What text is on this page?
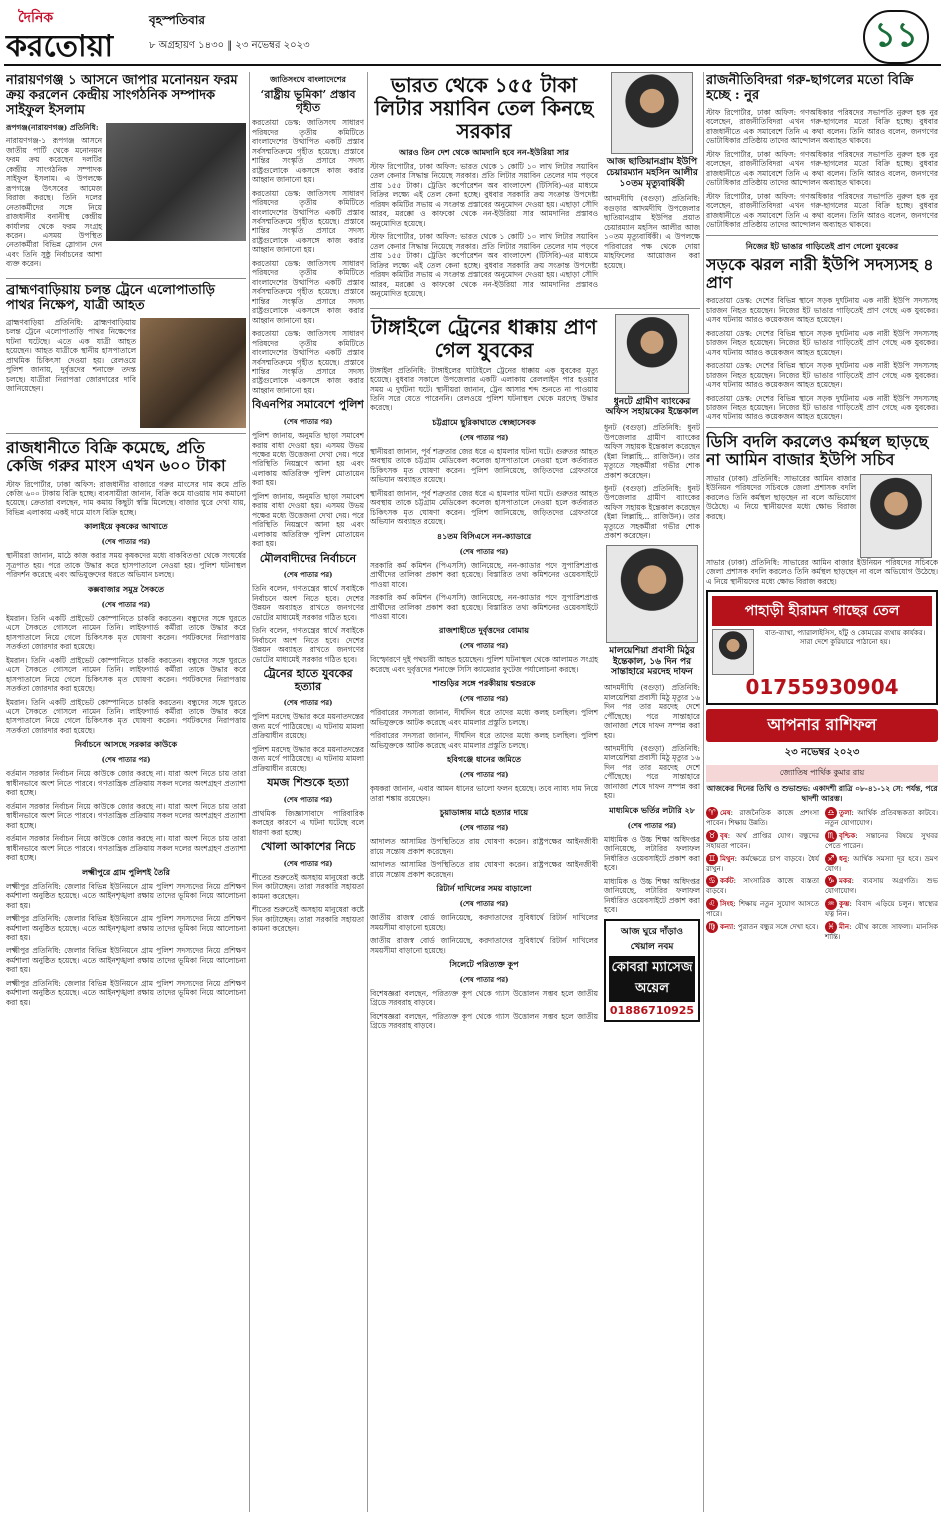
দৈনিক
করতোয়া
বৃহস্পতিবার
৮ অগ্রহায়ণ ১৪৩০ ‖ ২৩ নভেম্বর ২০২৩	১১
নারায়ণগঞ্জ ১ আসনে জাপার মনোনয়ন ফরম ক্রয় করলেন কেন্দ্রীয় সাংগঠনিক সম্পাদক সাইফুল ইসলাম
রূপগঞ্জ(নারায়ণগঞ্জ) প্রতিনিধি:
নারায়ণগঞ্জ-১ রূপগঞ্জ আসনে জাতীয় পার্টি থেকে মনোনয়ন ফরম ক্রয় করেছেন দলটির কেন্দ্রীয় সাংগঠনিক সম্পাদক সাইফুল ইসলাম। এ উপলক্ষে রূপগঞ্জে উৎসবের আমেজ বিরাজ করছে। তিনি দলের নেতাকর্মীদের সঙ্গে নিয়ে রাজধানীর বনানীস্থ কেন্দ্রীয় কার্যালয় থেকে ফরম সংগ্রহ করেন। এসময় উপস্থিত নেতাকর্মীরা বিভিন্ন স্লোগান দেন এবং তিনি সুষ্ঠু নির্বাচনের আশা ব্যক্ত করেন।
ব্রাহ্মণবাড়িয়ায় চলন্ত ট্রেনে এলোপাতাড়ি পাথর নিক্ষেপ, যাত্রী আহত
ব্রাহ্মণবাড়িয়া প্রতিনিধি: ব্রাহ্মণবাড়িয়ায় চলন্ত ট্রেনে এলোপাতাড়ি পাথর নিক্ষেপের ঘটনা ঘটেছে। এতে এক যাত্রী আহত হয়েছেন। আহত যাত্রীকে স্থানীয় হাসপাতালে প্রাথমিক চিকিৎসা দেওয়া হয়। রেলওয়ে পুলিশ জানায়, দুর্বৃত্তদের শনাক্তে তদন্ত চলছে। যাত্রীরা নিরাপত্তা জোরদারের দাবি জানিয়েছেন।
রাজধানীতে বিক্রি কমেছে, প্রতি কেজি গরুর মাংস এখন ৬০০ টাকা
স্টাফ রিপোর্টার, ঢাকা অফিস: রাজধানীর বাজারে গরুর মাংসের দাম কমে প্রতি কেজি ৬০০ টাকায় বিক্রি হচ্ছে। ব্যবসায়ীরা জানান, বিক্রি কমে যাওয়ায় দাম কমানো হয়েছে। ক্রেতারা বলছেন, দাম কমায় কিছুটা স্বস্তি মিলেছে। বাজার ঘুরে দেখা যায়, বিভিন্ন এলাকায় একই দামে মাংস বিক্রি হচ্ছে।
কালাইয়ে কৃষকের আখাতে
(শেষ পাতার পর)
স্থানীয়রা জানান, মাঠে কাজ করার সময় কৃষকদের মধ্যে বাকবিতণ্ডা থেকে সংঘর্ষের সূত্রপাত হয়। পরে তাকে উদ্ধার করে হাসপাতালে নেওয়া হয়। পুলিশ ঘটনাস্থল পরিদর্শন করেছে এবং অভিযুক্তদের ধরতে অভিযান চলছে।
কক্সবাজার সমুদ্র সৈকতে
(শেষ পাতার পর)
ইমরান। তিনি একটি প্রাইভেট কোম্পানিতে চাকরি করতেন। বন্ধুদের সঙ্গে ঘুরতে এসে সৈকতে গোসলে নামেন তিনি। লাইফগার্ড কর্মীরা তাকে উদ্ধার করে হাসপাতালে নিয়ে গেলে চিকিৎসক মৃত ঘোষণা করেন। পর্যটকদের নিরাপত্তায় সতর্কতা জোরদার করা হয়েছে।
ইমরান। তিনি একটি প্রাইভেট কোম্পানিতে চাকরি করতেন। বন্ধুদের সঙ্গে ঘুরতে এসে সৈকতে গোসলে নামেন তিনি। লাইফগার্ড কর্মীরা তাকে উদ্ধার করে হাসপাতালে নিয়ে গেলে চিকিৎসক মৃত ঘোষণা করেন। পর্যটকদের নিরাপত্তায় সতর্কতা জোরদার করা হয়েছে।
ইমরান। তিনি একটি প্রাইভেট কোম্পানিতে চাকরি করতেন। বন্ধুদের সঙ্গে ঘুরতে এসে সৈকতে গোসলে নামেন তিনি। লাইফগার্ড কর্মীরা তাকে উদ্ধার করে হাসপাতালে নিয়ে গেলে চিকিৎসক মৃত ঘোষণা করেন। পর্যটকদের নিরাপত্তায় সতর্কতা জোরদার করা হয়েছে।
নির্বাচনে আসছে সরকার কাউকে
(শেষ পাতার পর)
বর্তমান সরকার নির্বাচন নিয়ে কাউকে জোর করছে না। যারা অংশ নিতে চায় তারা স্বাধীনভাবে অংশ নিতে পারবে। গণতান্ত্রিক প্রক্রিয়ায় সকল দলের অংশগ্রহণ প্রত্যাশা করা হচ্ছে।
বর্তমান সরকার নির্বাচন নিয়ে কাউকে জোর করছে না। যারা অংশ নিতে চায় তারা স্বাধীনভাবে অংশ নিতে পারবে। গণতান্ত্রিক প্রক্রিয়ায় সকল দলের অংশগ্রহণ প্রত্যাশা করা হচ্ছে।
বর্তমান সরকার নির্বাচন নিয়ে কাউকে জোর করছে না। যারা অংশ নিতে চায় তারা স্বাধীনভাবে অংশ নিতে পারবে। গণতান্ত্রিক প্রক্রিয়ায় সকল দলের অংশগ্রহণ প্রত্যাশা করা হচ্ছে।
লক্ষ্মীপুরে গ্রাম পুলিশই তৈরি
লক্ষ্মীপুর প্রতিনিধি: জেলার বিভিন্ন ইউনিয়নে গ্রাম পুলিশ সদস্যদের নিয়ে প্রশিক্ষণ কর্মশালা অনুষ্ঠিত হয়েছে। এতে আইনশৃঙ্খলা রক্ষায় তাদের ভূমিকা নিয়ে আলোচনা করা হয়।
লক্ষ্মীপুর প্রতিনিধি: জেলার বিভিন্ন ইউনিয়নে গ্রাম পুলিশ সদস্যদের নিয়ে প্রশিক্ষণ কর্মশালা অনুষ্ঠিত হয়েছে। এতে আইনশৃঙ্খলা রক্ষায় তাদের ভূমিকা নিয়ে আলোচনা করা হয়।
লক্ষ্মীপুর প্রতিনিধি: জেলার বিভিন্ন ইউনিয়নে গ্রাম পুলিশ সদস্যদের নিয়ে প্রশিক্ষণ কর্মশালা অনুষ্ঠিত হয়েছে। এতে আইনশৃঙ্খলা রক্ষায় তাদের ভূমিকা নিয়ে আলোচনা করা হয়।
লক্ষ্মীপুর প্রতিনিধি: জেলার বিভিন্ন ইউনিয়নে গ্রাম পুলিশ সদস্যদের নিয়ে প্রশিক্ষণ কর্মশালা অনুষ্ঠিত হয়েছে। এতে আইনশৃঙ্খলা রক্ষায় তাদের ভূমিকা নিয়ে আলোচনা করা হয়।
জাতিসংঘে বাংলাদেশের
‘রাষ্ট্রীয় ভূমিকা’ প্রস্তাব গৃহীত
করতোয়া ডেস্ক: জাতিসংঘ সাধারণ পরিষদের তৃতীয় কমিটিতে বাংলাদেশের উত্থাপিত একটি প্রস্তাব সর্বসম্মতিক্রমে গৃহীত হয়েছে। প্রস্তাবে শান্তির সংস্কৃতি প্রসারে সদস্য রাষ্ট্রগুলোকে একসঙ্গে কাজ করার আহ্বান জানানো হয়।
করতোয়া ডেস্ক: জাতিসংঘ সাধারণ পরিষদের তৃতীয় কমিটিতে বাংলাদেশের উত্থাপিত একটি প্রস্তাব সর্বসম্মতিক্রমে গৃহীত হয়েছে। প্রস্তাবে শান্তির সংস্কৃতি প্রসারে সদস্য রাষ্ট্রগুলোকে একসঙ্গে কাজ করার আহ্বান জানানো হয়।
করতোয়া ডেস্ক: জাতিসংঘ সাধারণ পরিষদের তৃতীয় কমিটিতে বাংলাদেশের উত্থাপিত একটি প্রস্তাব সর্বসম্মতিক্রমে গৃহীত হয়েছে। প্রস্তাবে শান্তির সংস্কৃতি প্রসারে সদস্য রাষ্ট্রগুলোকে একসঙ্গে কাজ করার আহ্বান জানানো হয়।
করতোয়া ডেস্ক: জাতিসংঘ সাধারণ পরিষদের তৃতীয় কমিটিতে বাংলাদেশের উত্থাপিত একটি প্রস্তাব সর্বসম্মতিক্রমে গৃহীত হয়েছে। প্রস্তাবে শান্তির সংস্কৃতি প্রসারে সদস্য রাষ্ট্রগুলোকে একসঙ্গে কাজ করার আহ্বান জানানো হয়।
বিএনপির সমাবেশে পুলিশ
(শেষ পাতার পর)
পুলিশ জানায়, অনুমতি ছাড়া সমাবেশ করায় বাধা দেওয়া হয়। এসময় উভয় পক্ষের মধ্যে উত্তেজনা দেখা দেয়। পরে পরিস্থিতি নিয়ন্ত্রণে আনা হয় এবং এলাকায় অতিরিক্ত পুলিশ মোতায়েন করা হয়।
পুলিশ জানায়, অনুমতি ছাড়া সমাবেশ করায় বাধা দেওয়া হয়। এসময় উভয় পক্ষের মধ্যে উত্তেজনা দেখা দেয়। পরে পরিস্থিতি নিয়ন্ত্রণে আনা হয় এবং এলাকায় অতিরিক্ত পুলিশ মোতায়েন করা হয়।
মৌলবাদীদের নির্বাচনে
(শেষ পাতার পর)
তিনি বলেন, গণতন্ত্রের স্বার্থে সবাইকে নির্বাচনে অংশ নিতে হবে। দেশের উন্নয়ন অব্যাহত রাখতে জনগণের ভোটের মাধ্যমেই সরকার গঠিত হবে।
তিনি বলেন, গণতন্ত্রের স্বার্থে সবাইকে নির্বাচনে অংশ নিতে হবে। দেশের উন্নয়ন অব্যাহত রাখতে জনগণের ভোটের মাধ্যমেই সরকার গঠিত হবে।
ট্রেনের হাতে যুবকের হত্যার
(শেষ পাতার পর)
পুলিশ মরদেহ উদ্ধার করে ময়নাতদন্তের জন্য মর্গে পাঠিয়েছে। এ ঘটনায় মামলা প্রক্রিয়াধীন রয়েছে।
পুলিশ মরদেহ উদ্ধার করে ময়নাতদন্তের জন্য মর্গে পাঠিয়েছে। এ ঘটনায় মামলা প্রক্রিয়াধীন রয়েছে।
যমজ শিশুকে হত্যা
(শেষ পাতার পর)
প্রাথমিক জিজ্ঞাসাবাদে পারিবারিক কলহের কারণে এ ঘটনা ঘটেছে বলে ধারণা করা হচ্ছে।
খোলা আকাশের নিচে
(শেষ পাতার পর)
শীতের শুরুতেই অসহায় মানুষেরা কষ্টে দিন কাটাচ্ছেন। তারা সরকারি সহায়তা কামনা করেছেন।
শীতের শুরুতেই অসহায় মানুষেরা কষ্টে দিন কাটাচ্ছেন। তারা সরকারি সহায়তা কামনা করেছেন।
ভারত থেকে ১৫৫ টাকা লিটার সয়াবিন তেল কিনছে সরকার
আরও তিন দেশ থেকে আমদানি হবে নন-ইউরিয়া সার
স্টাফ রিপোর্টার, ঢাকা অফিস: ভারত থেকে ১ কোটি ১০ লাখ লিটার সয়াবিন তেল কেনার সিদ্ধান্ত নিয়েছে সরকার। প্রতি লিটার সয়াবিন তেলের দাম পড়বে প্রায় ১৫৫ টাকা। ট্রেডিং কর্পোরেশন অব বাংলাদেশ (টিসিবি)-এর মাধ্যমে বিক্রির লক্ষ্যে এই তেল কেনা হচ্ছে। বুধবার সরকারি ক্রয় সংক্রান্ত উপদেষ্টা পরিষদ কমিটির সভায় এ সংক্রান্ত প্রস্তাবের অনুমোদন দেওয়া হয়। এছাড়া সৌদি আরব, মরক্কো ও কাফকো থেকে নন-ইউরিয়া সার আমদানির প্রস্তাবও অনুমোদিত হয়েছে।
স্টাফ রিপোর্টার, ঢাকা অফিস: ভারত থেকে ১ কোটি ১০ লাখ লিটার সয়াবিন তেল কেনার সিদ্ধান্ত নিয়েছে সরকার। প্রতি লিটার সয়াবিন তেলের দাম পড়বে প্রায় ১৫৫ টাকা। ট্রেডিং কর্পোরেশন অব বাংলাদেশ (টিসিবি)-এর মাধ্যমে বিক্রির লক্ষ্যে এই তেল কেনা হচ্ছে। বুধবার সরকারি ক্রয় সংক্রান্ত উপদেষ্টা পরিষদ কমিটির সভায় এ সংক্রান্ত প্রস্তাবের অনুমোদন দেওয়া হয়। এছাড়া সৌদি আরব, মরক্কো ও কাফকো থেকে নন-ইউরিয়া সার আমদানির প্রস্তাবও অনুমোদিত হয়েছে।
আজ ছাতিয়ানগ্রাম ইউপি চেয়ারম্যান মহসিন আলীর ১০তম মৃত্যুবার্ষিকী
আদমদীঘি (বগুড়া) প্রতিনিধি: বগুড়ার আদমদীঘি উপজেলার ছাতিয়ানগ্রাম ইউপির প্রয়াত চেয়ারম্যান মহসিন আলীর আজ ১০তম মৃত্যুবার্ষিকী। এ উপলক্ষে পরিবারের পক্ষ থেকে দোয়া মাহফিলের আয়োজন করা হয়েছে।
টাঙ্গাইলে ট্রেনের ধাক্কায় প্রাণ গেল যুবকের
টাঙ্গাইল প্রতিনিধি: টাঙ্গাইলের ঘাটাইলে ট্রেনের ধাক্কায় এক যুবকের মৃত্যু হয়েছে। বুধবার সকালে উপজেলার একটি এলাকায় রেললাইন পার হওয়ার সময় এ দুর্ঘটনা ঘটে। স্থানীয়রা জানান, ট্রেন আসার শব্দ শুনতে না পাওয়ায় তিনি সরে যেতে পারেননি। রেলওয়ে পুলিশ ঘটনাস্থল থেকে মরদেহ উদ্ধার করেছে।
চট্টগ্রামে ছুরিকাঘাতে স্বেচ্ছাসেবক
(শেষ পাতার পর)
স্থানীয়রা জানান, পূর্ব শত্রুতার জের ধরে এ হামলার ঘটনা ঘটে। গুরুতর আহত অবস্থায় তাকে চট্টগ্রাম মেডিকেল কলেজ হাসপাতালে নেওয়া হলে কর্তব্যরত চিকিৎসক মৃত ঘোষণা করেন। পুলিশ জানিয়েছে, জড়িতদের গ্রেফতারে অভিযান অব্যাহত রয়েছে।
স্থানীয়রা জানান, পূর্ব শত্রুতার জের ধরে এ হামলার ঘটনা ঘটে। গুরুতর আহত অবস্থায় তাকে চট্টগ্রাম মেডিকেল কলেজ হাসপাতালে নেওয়া হলে কর্তব্যরত চিকিৎসক মৃত ঘোষণা করেন। পুলিশ জানিয়েছে, জড়িতদের গ্রেফতারে অভিযান অব্যাহত রয়েছে।
৪১তম বিসিএসে নন-ক্যাডারে
(শেষ পাতার পর)
সরকারি কর্ম কমিশন (পিএসসি) জানিয়েছে, নন-ক্যাডার পদে সুপারিশপ্রাপ্ত প্রার্থীদের তালিকা প্রকাশ করা হয়েছে। বিস্তারিত তথ্য কমিশনের ওয়েবসাইটে পাওয়া যাবে।
সরকারি কর্ম কমিশন (পিএসসি) জানিয়েছে, নন-ক্যাডার পদে সুপারিশপ্রাপ্ত প্রার্থীদের তালিকা প্রকাশ করা হয়েছে। বিস্তারিত তথ্য কমিশনের ওয়েবসাইটে পাওয়া যাবে।
রাজশাহীতে দুর্বৃত্তদের বোমায়
(শেষ পাতার পর)
বিস্ফোরণে দুই পথচারী আহত হয়েছেন। পুলিশ ঘটনাস্থল থেকে আলামত সংগ্রহ করেছে এবং দুর্বৃত্তদের শনাক্তে সিসি ক্যামেরার ফুটেজ পর্যালোচনা করছে।
শাশুড়ির সঙ্গে পরকীয়ায় শ্বশুরকে
(শেষ পাতার পর)
পরিবারের সদস্যরা জানান, দীর্ঘদিন ধরে তাদের মধ্যে কলহ চলছিল। পুলিশ অভিযুক্তকে আটক করেছে এবং মামলার প্রস্তুতি চলছে।
পরিবারের সদস্যরা জানান, দীর্ঘদিন ধরে তাদের মধ্যে কলহ চলছিল। পুলিশ অভিযুক্তকে আটক করেছে এবং মামলার প্রস্তুতি চলছে।
হবিগঞ্জে ধানের জমিতে
(শেষ পাতার পর)
কৃষকরা জানান, এবার আমন ধানের ভালো ফলন হয়েছে। তবে ন্যায্য দাম নিয়ে তারা শঙ্কায় রয়েছেন।
চুয়াডাঙ্গায় মাঠে হত্যার দায়ে
(শেষ পাতার পর)
আদালত আসামির উপস্থিতিতে রায় ঘোষণা করেন। রাষ্ট্রপক্ষের আইনজীবী রায়ে সন্তোষ প্রকাশ করেছেন।
আদালত আসামির উপস্থিতিতে রায় ঘোষণা করেন। রাষ্ট্রপক্ষের আইনজীবী রায়ে সন্তোষ প্রকাশ করেছেন।
রিটার্ন দাখিলের সময় বাড়ালো
(শেষ পাতার পর)
জাতীয় রাজস্ব বোর্ড জানিয়েছে, করদাতাদের সুবিধার্থে রিটার্ন দাখিলের সময়সীমা বাড়ানো হয়েছে।
জাতীয় রাজস্ব বোর্ড জানিয়েছে, করদাতাদের সুবিধার্থে রিটার্ন দাখিলের সময়সীমা বাড়ানো হয়েছে।
সিলেটে পরিত্যক্ত কূপ
(শেষ পাতার পর)
বিশেষজ্ঞরা বলছেন, পরিত্যক্ত কূপ থেকে গ্যাস উত্তোলন সম্ভব হলে জাতীয় গ্রিডে সরবরাহ বাড়বে।
বিশেষজ্ঞরা বলছেন, পরিত্যক্ত কূপ থেকে গ্যাস উত্তোলন সম্ভব হলে জাতীয় গ্রিডে সরবরাহ বাড়বে।
ধুনটে গ্রামীণ ব্যাংকের অফিস সহায়কের ইন্তেকাল
ধুনট (বগুড়া) প্রতিনিধি: ধুনট উপজেলার গ্রামীণ ব্যাংকের অফিস সহায়ক ইন্তেকাল করেছেন (ইন্না লিল্লাহি... রাজিউন)। তার মৃত্যুতে সহকর্মীরা গভীর শোক প্রকাশ করেছেন।
ধুনট (বগুড়া) প্রতিনিধি: ধুনট উপজেলার গ্রামীণ ব্যাংকের অফিস সহায়ক ইন্তেকাল করেছেন (ইন্না লিল্লাহি... রাজিউন)। তার মৃত্যুতে সহকর্মীরা গভীর শোক প্রকাশ করেছেন।
মালয়েশিয়া প্রবাসী মিঠুর ইন্তেকাল, ১৬ দিন পর সান্তাহারে মরদেহ দাফন
আদমদীঘি (বগুড়া) প্রতিনিধি: মালয়েশিয়া প্রবাসী মিঠু মৃত্যুর ১৬ দিন পর তার মরদেহ দেশে পৌঁছেছে। পরে সান্তাহারে জানাজা শেষে দাফন সম্পন্ন করা হয়।
আদমদীঘি (বগুড়া) প্রতিনিধি: মালয়েশিয়া প্রবাসী মিঠু মৃত্যুর ১৬ দিন পর তার মরদেহ দেশে পৌঁছেছে। পরে সান্তাহারে জানাজা শেষে দাফন সম্পন্ন করা হয়।
মাধ্যমিকে ভর্তির লটারি ২৮
(শেষ পাতার পর)
মাধ্যমিক ও উচ্চ শিক্ষা অধিদপ্তর জানিয়েছে, লটারির ফলাফল নির্ধারিত ওয়েবসাইটে প্রকাশ করা হবে।
মাধ্যমিক ও উচ্চ শিক্ষা অধিদপ্তর জানিয়েছে, লটারির ফলাফল নির্ধারিত ওয়েবসাইটে প্রকাশ করা হবে।
আজ ঘুরে দাঁড়াও খেয়াল নবম
কোবরা ম্যাসেজ অয়েল
01886710925
রাজনীতিবিদরা গরু-ছাগলের মতো বিক্রি হচ্ছে : নুর
স্টাফ রিপোর্টার, ঢাকা অফিস: গণঅধিকার পরিষদের সভাপতি নুরুল হক নুর বলেছেন, রাজনীতিবিদরা এখন গরু-ছাগলের মতো বিক্রি হচ্ছে। বুধবার রাজধানীতে এক সমাবেশে তিনি এ কথা বলেন। তিনি আরও বলেন, জনগণের ভোটাধিকার প্রতিষ্ঠায় তাদের আন্দোলন অব্যাহত থাকবে।
স্টাফ রিপোর্টার, ঢাকা অফিস: গণঅধিকার পরিষদের সভাপতি নুরুল হক নুর বলেছেন, রাজনীতিবিদরা এখন গরু-ছাগলের মতো বিক্রি হচ্ছে। বুধবার রাজধানীতে এক সমাবেশে তিনি এ কথা বলেন। তিনি আরও বলেন, জনগণের ভোটাধিকার প্রতিষ্ঠায় তাদের আন্দোলন অব্যাহত থাকবে।
স্টাফ রিপোর্টার, ঢাকা অফিস: গণঅধিকার পরিষদের সভাপতি নুরুল হক নুর বলেছেন, রাজনীতিবিদরা এখন গরু-ছাগলের মতো বিক্রি হচ্ছে। বুধবার রাজধানীতে এক সমাবেশে তিনি এ কথা বলেন। তিনি আরও বলেন, জনগণের ভোটাধিকার প্রতিষ্ঠায় তাদের আন্দোলন অব্যাহত থাকবে।
নিজের ইট ভাঙার গাড়িতেই প্রাণ গেলো যুবকের
সড়কে ঝরল নারী ইউপি সদস্যসহ ৪ প্রাণ
করতোয়া ডেস্ক: দেশের বিভিন্ন স্থানে সড়ক দুর্ঘটনায় এক নারী ইউপি সদস্যসহ চারজন নিহত হয়েছেন। নিজের ইট ভাঙার গাড়িতেই প্রাণ গেছে এক যুবকের। এসব ঘটনায় আরও কয়েকজন আহত হয়েছেন।
করতোয়া ডেস্ক: দেশের বিভিন্ন স্থানে সড়ক দুর্ঘটনায় এক নারী ইউপি সদস্যসহ চারজন নিহত হয়েছেন। নিজের ইট ভাঙার গাড়িতেই প্রাণ গেছে এক যুবকের। এসব ঘটনায় আরও কয়েকজন আহত হয়েছেন।
করতোয়া ডেস্ক: দেশের বিভিন্ন স্থানে সড়ক দুর্ঘটনায় এক নারী ইউপি সদস্যসহ চারজন নিহত হয়েছেন। নিজের ইট ভাঙার গাড়িতেই প্রাণ গেছে এক যুবকের। এসব ঘটনায় আরও কয়েকজন আহত হয়েছেন।
করতোয়া ডেস্ক: দেশের বিভিন্ন স্থানে সড়ক দুর্ঘটনায় এক নারী ইউপি সদস্যসহ চারজন নিহত হয়েছেন। নিজের ইট ভাঙার গাড়িতেই প্রাণ গেছে এক যুবকের। এসব ঘটনায় আরও কয়েকজন আহত হয়েছেন।
ডিসি বদলি করলেও কর্মস্থল ছাড়ছে না আমিন বাজার ইউপি সচিব
সাভার (ঢাকা) প্রতিনিধি: সাভারের আমিন বাজার ইউনিয়ন পরিষদের সচিবকে জেলা প্রশাসক বদলি করলেও তিনি কর্মস্থল ছাড়ছেন না বলে অভিযোগ উঠেছে। এ নিয়ে স্থানীয়দের মধ্যে ক্ষোভ বিরাজ করছে।
সাভার (ঢাকা) প্রতিনিধি: সাভারের আমিন বাজার ইউনিয়ন পরিষদের সচিবকে জেলা প্রশাসক বদলি করলেও তিনি কর্মস্থল ছাড়ছেন না বলে অভিযোগ উঠেছে। এ নিয়ে স্থানীয়দের মধ্যে ক্ষোভ বিরাজ করছে।
পাহাড়ী হীরামন গাছের তেল
বাত-ব্যাথা, প্যারালাইসিস, হাঁটু ও কোমরের ব্যথায় কার্যকর। সারা দেশে কুরিয়ারে পাঠানো হয়।
01755930904
আপনার রাশিফল
২৩ নভেম্বর ২০২৩
জ্যোতিষ পার্থিক কুমার রায়
আজকের দিনের তিথি ও শুভাশুভ: একাদশী রাত্রি ০৮-৪১-১২ সে: পর্যন্ত, পরে দ্বাদশী আরম্ভ।
♈ মেষ: রাজনৈতিক কাজে প্রশংসা পাবেন। শিক্ষায় উন্নতি।
♎ তুলা: আর্থিক প্রতিবন্ধকতা কাটবে। নতুন যোগাযোগ।
♉ বৃষ: অর্থ প্রাপ্তির যোগ। বন্ধুদের সহায়তা পাবেন।
♏ বৃশ্চিক: সন্তানের বিষয়ে সুখবর পেতে পারেন।
♊ মিথুন: কর্মক্ষেত্রে চাপ বাড়বে। ধৈর্য রাখুন।
♐ ধনু: আর্থিক সমস্যা দূর হবে। ভ্রমণ যোগ।
♋ কর্কট: সাংসারিক কাজে ব্যস্ততা বাড়বে।
♑ মকর: ব্যবসায় অগ্রগতি। শুভ যোগাযোগ।
♌ সিংহ: শিক্ষায় নতুন সুযোগ আসতে পারে।
♒ কুম্ভ: বিবাদ এড়িয়ে চলুন। স্বাস্থ্যের যত্ন নিন।
♍ কন্যা: পুরাতন বন্ধুর সঙ্গে দেখা হবে।	♓ মীন: যৌথ কাজে সাফল্য। মানসিক শান্তি।
